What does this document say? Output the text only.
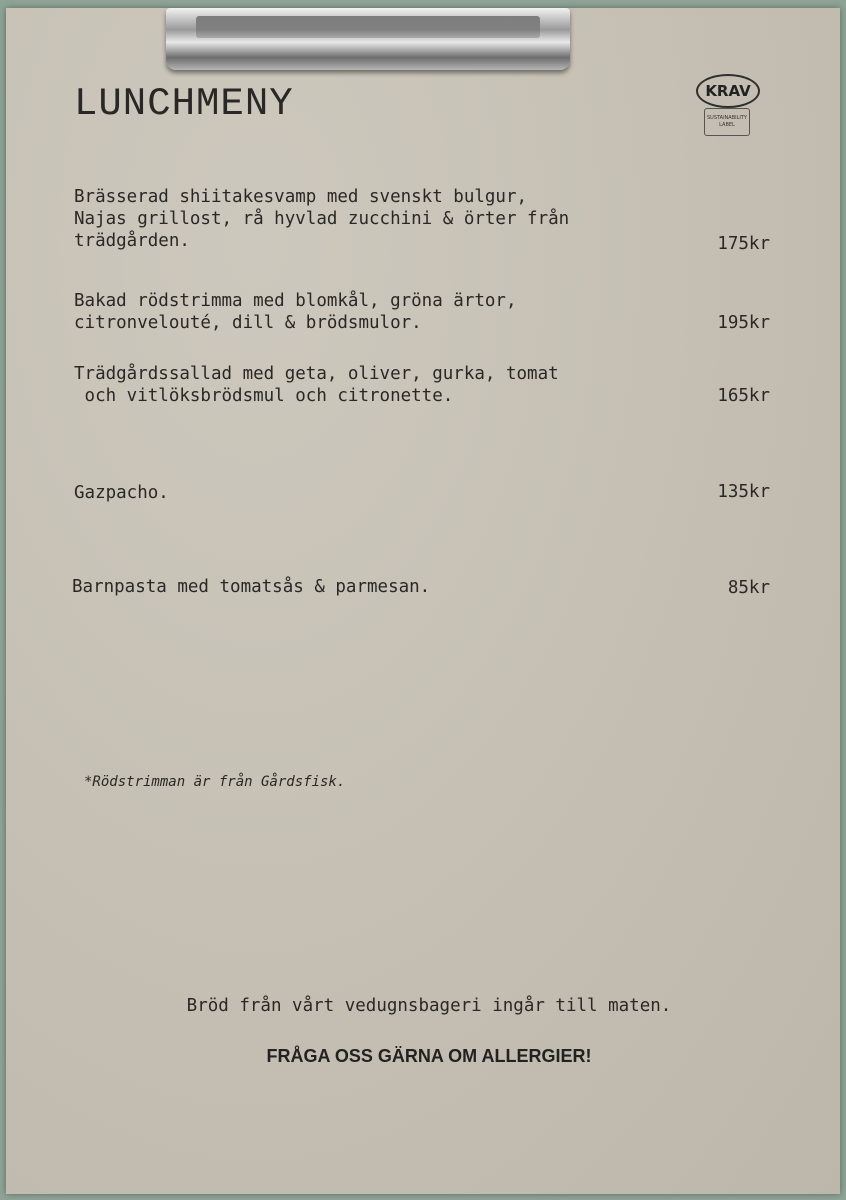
LUNCHMENY	KRAV
SUSTAINABILITY LABEL
Brässerad shiitakesvamp med svenskt bulgur,
Najas grillost, rå hyvlad zucchini & örter från
trädgården.	175kr
Bakad rödstrimma med blomkål, gröna ärtor,
citronvelouté, dill & brödsmulor.	195kr
Trädgårdssallad med geta, oliver, gurka, tomat
och vitlöksbrödsmul och citronette.	165kr
Gazpacho.	135kr
Barnpasta med tomatsås & parmesan.	85kr
*Rödstrimman är från Gårdsfisk.
Bröd från vårt vedugnsbageri ingår till maten.
FRÅGA OSS GÄRNA OM ALLERGIER!
